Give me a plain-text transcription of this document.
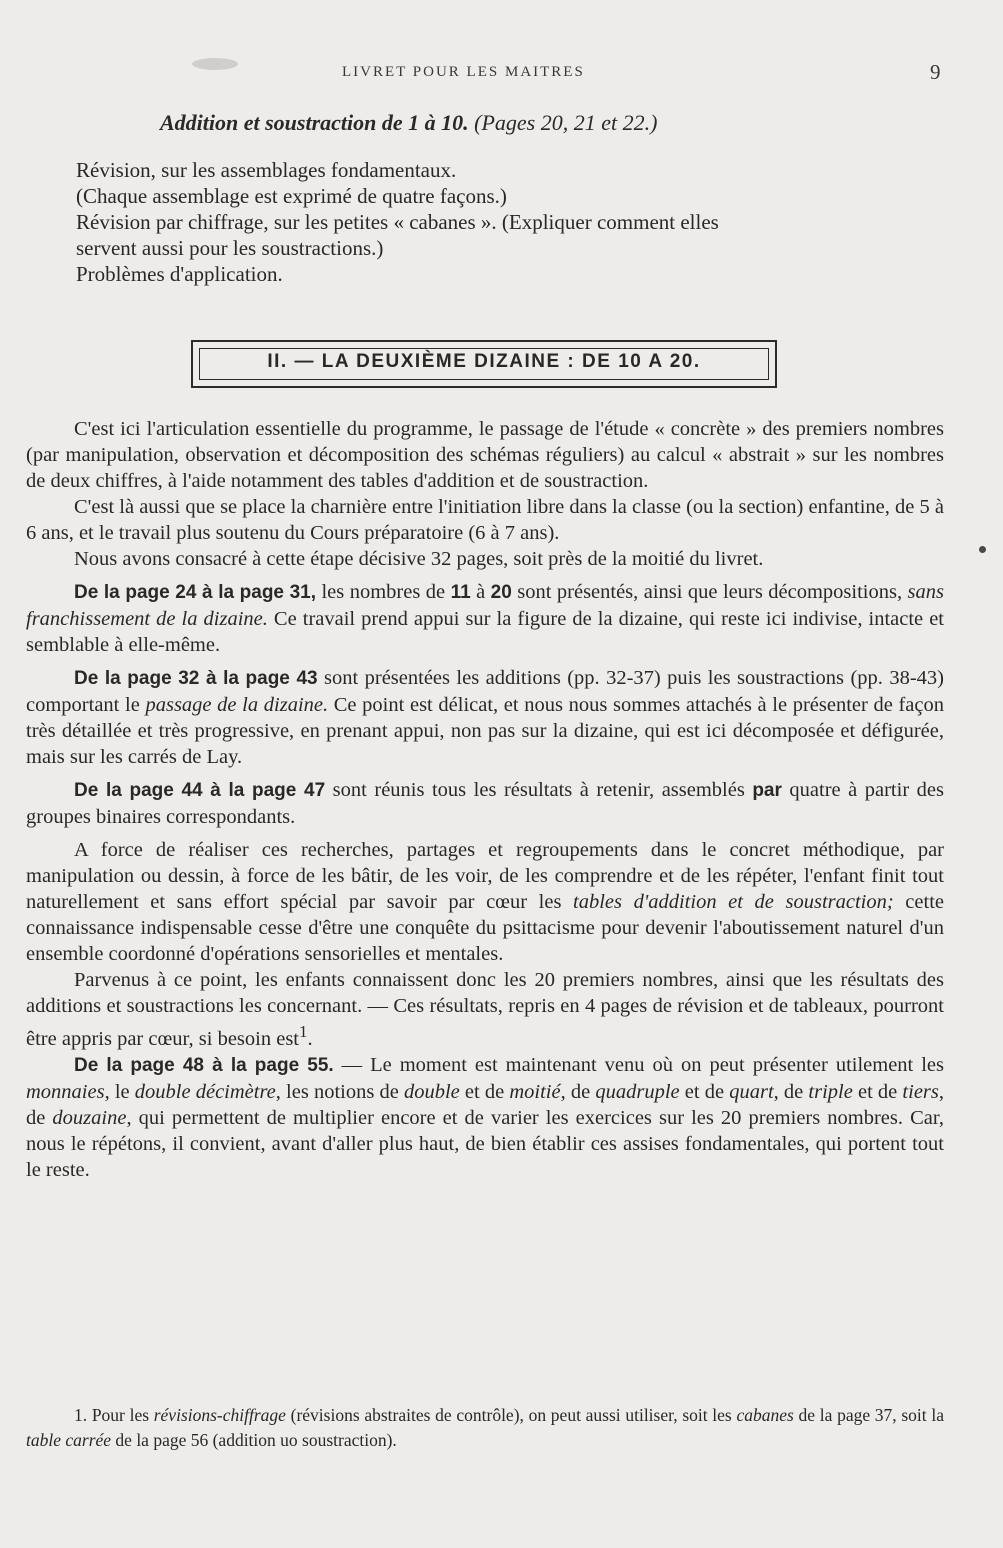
LIVRET POUR LES MAITRES	9
Addition et soustraction de 1 à 10. (Pages 20, 21 et 22.)
Révision, sur les assemblages fondamentaux.
(Chaque assemblage est exprimé de quatre façons.)
Révision par chiffrage, sur les petites « cabanes ». (Expliquer comment elles
servent aussi pour les soustractions.)
Problèmes d'application.
II. — LA DEUXIÈME DIZAINE : DE 10 A 20.

C'est ici l'articulation essentielle du programme, le passage de l'étude « concrète » des premiers nombres (par manipulation, observation et décomposition des schémas réguliers) au calcul « abstrait » sur les nombres de deux chiffres, à l'aide notamment des tables d'addition et de soustraction.

C'est là aussi que se place la charnière entre l'initiation libre dans la classe (ou la section) enfantine, de 5 à 6 ans, et le travail plus soutenu du Cours préparatoire (6 à 7 ans).

Nous avons consacré à cette étape décisive 32 pages, soit près de la moitié du livret.

De la page 24 à la page 31, les nombres de 11 à 20 sont présentés, ainsi que leurs décompositions, sans franchissement de la dizaine. Ce travail prend appui sur la figure de la dizaine, qui reste ici indivise, intacte et semblable à elle-même.

De la page 32 à la page 43 sont présentées les additions (pp. 32-37) puis les soustractions (pp. 38-43) comportant le passage de la dizaine. Ce point est délicat, et nous nous sommes attachés à le présenter de façon très détaillée et très progressive, en prenant appui, non pas sur la dizaine, qui est ici décomposée et défigurée, mais sur les carrés de Lay.

De la page 44 à la page 47 sont réunis tous les résultats à retenir, assemblés par quatre à partir des groupes binaires correspondants.

A force de réaliser ces recherches, partages et regroupements dans le concret méthodique, par manipulation ou dessin, à force de les bâtir, de les voir, de les comprendre et de les répéter, l'enfant finit tout naturellement et sans effort spécial par savoir par cœur les tables d'addition et de soustraction; cette connaissance indispensable cesse d'être une conquête du psittacisme pour devenir l'aboutissement naturel d'un ensemble coordonné d'opérations sensorielles et mentales.

Parvenus à ce point, les enfants connaissent donc les 20 premiers nombres, ainsi que les résultats des additions et soustractions les concernant. — Ces résultats, repris en 4 pages de révision et de tableaux, pourront être appris par cœur, si besoin est$^1$.

De la page 48 à la page 55. — Le moment est maintenant venu où on peut présenter utilement les monnaies, le double décimètre, les notions de double et de moitié, de quadruple et de quart, de triple et de tiers, de douzaine, qui permettent de multiplier encore et de varier les exercices sur les 20 premiers nombres. Car, nous le répétons, il convient, avant d'aller plus haut, de bien établir ces assises fondamentales, qui portent tout le reste.

1. Pour les révisions-chiffrage (révisions abstraites de contrôle), on peut aussi utiliser, soit les cabanes de la page 37, soit la table carrée de la page 56 (addition uo soustraction).
